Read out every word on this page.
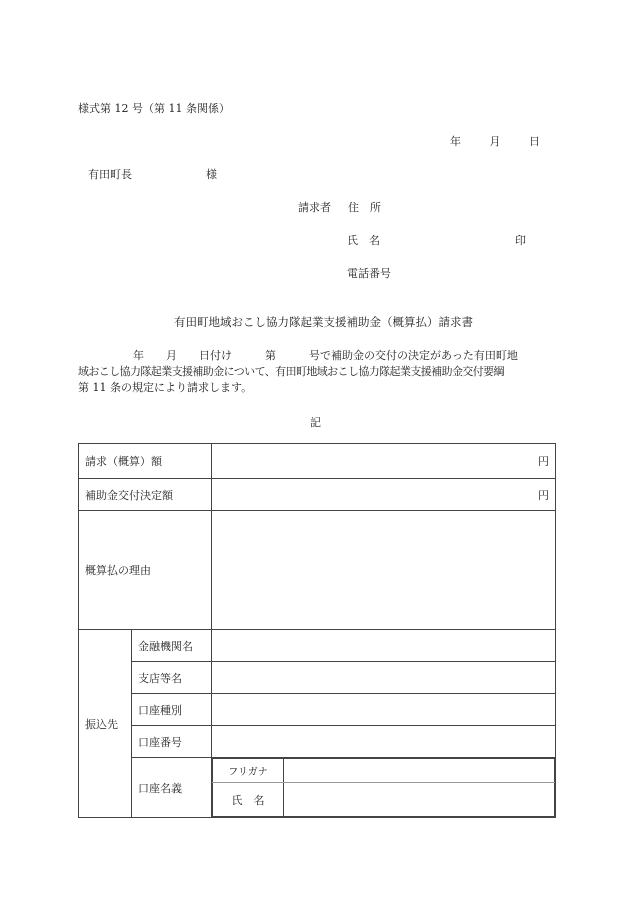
様式第 12 号（第 11 条関係）
年	月	日
有田町長	様
請求者 住　所
氏　名	印
電話番号
有田町地域おこし協力隊起業支援補助金（概算払）請求書
　　　　　年　　月　　日付け　　　第　　　号で補助金の交付の決定があった有田町地
域おこし協力隊起業支援補助金について、有田町地域おこし協力隊起業支援補助金交付要綱
第 11 条の規定により請求します。
記
請求（概算）額	円
補助金交付決定額	円
概算払の理由	
振込先	金融機関名	
支店等名	
口座種別	
口座番号	
口座名義	
フリガナ	
氏　名	
